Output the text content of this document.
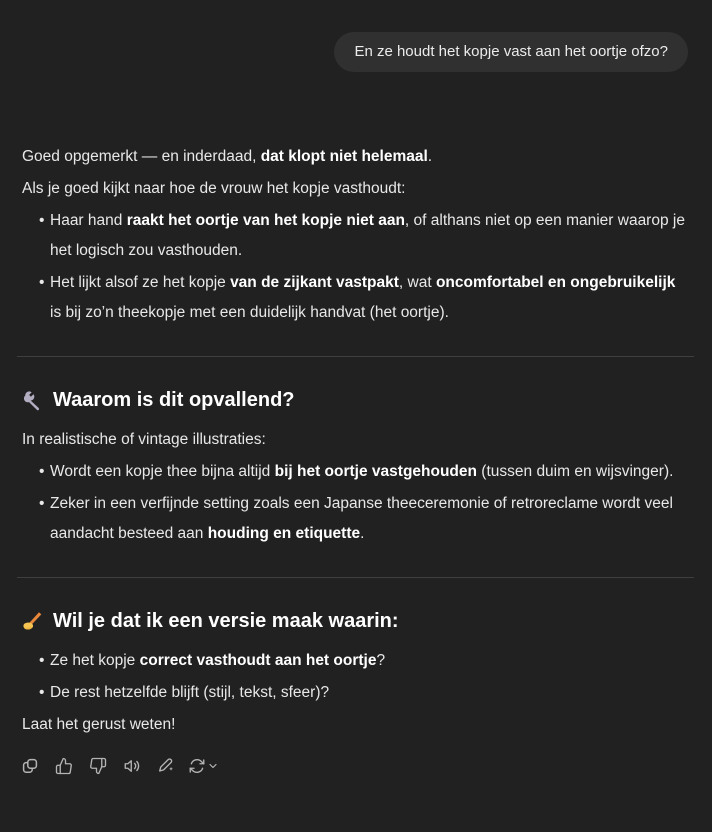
En ze houdt het kopje vast aan het oortje ofzo?

Goed opgemerkt — en inderdaad, dat klopt niet helemaal.

Als je goed kijkt naar hoe de vrouw het kopje vasthoudt:

• Haar hand raakt het oortje van het kopje niet aan, of althans niet op een manier waarop je het logisch zou vasthouden.
• Het lijkt alsof ze het kopje van de zijkant vastpakt, wat oncomfortabel en ongebruikelijk is bij zo’n theekopje met een duidelijk handvat (het oortje).
Waarom is dit opvallend?

In realistische of vintage illustraties:

• Wordt een kopje thee bijna altijd bij het oortje vastgehouden (tussen duim en wijsvinger).
• Zeker in een verfijnde setting zoals een Japanse theeceremonie of retroreclame wordt veel aandacht besteed aan houding en etiquette.
Wil je dat ik een versie maak waarin:
• Ze het kopje correct vasthoudt aan het oortje?
• De rest hetzelfde blijft (stijl, tekst, sfeer)?

Laat het gerust weten!
